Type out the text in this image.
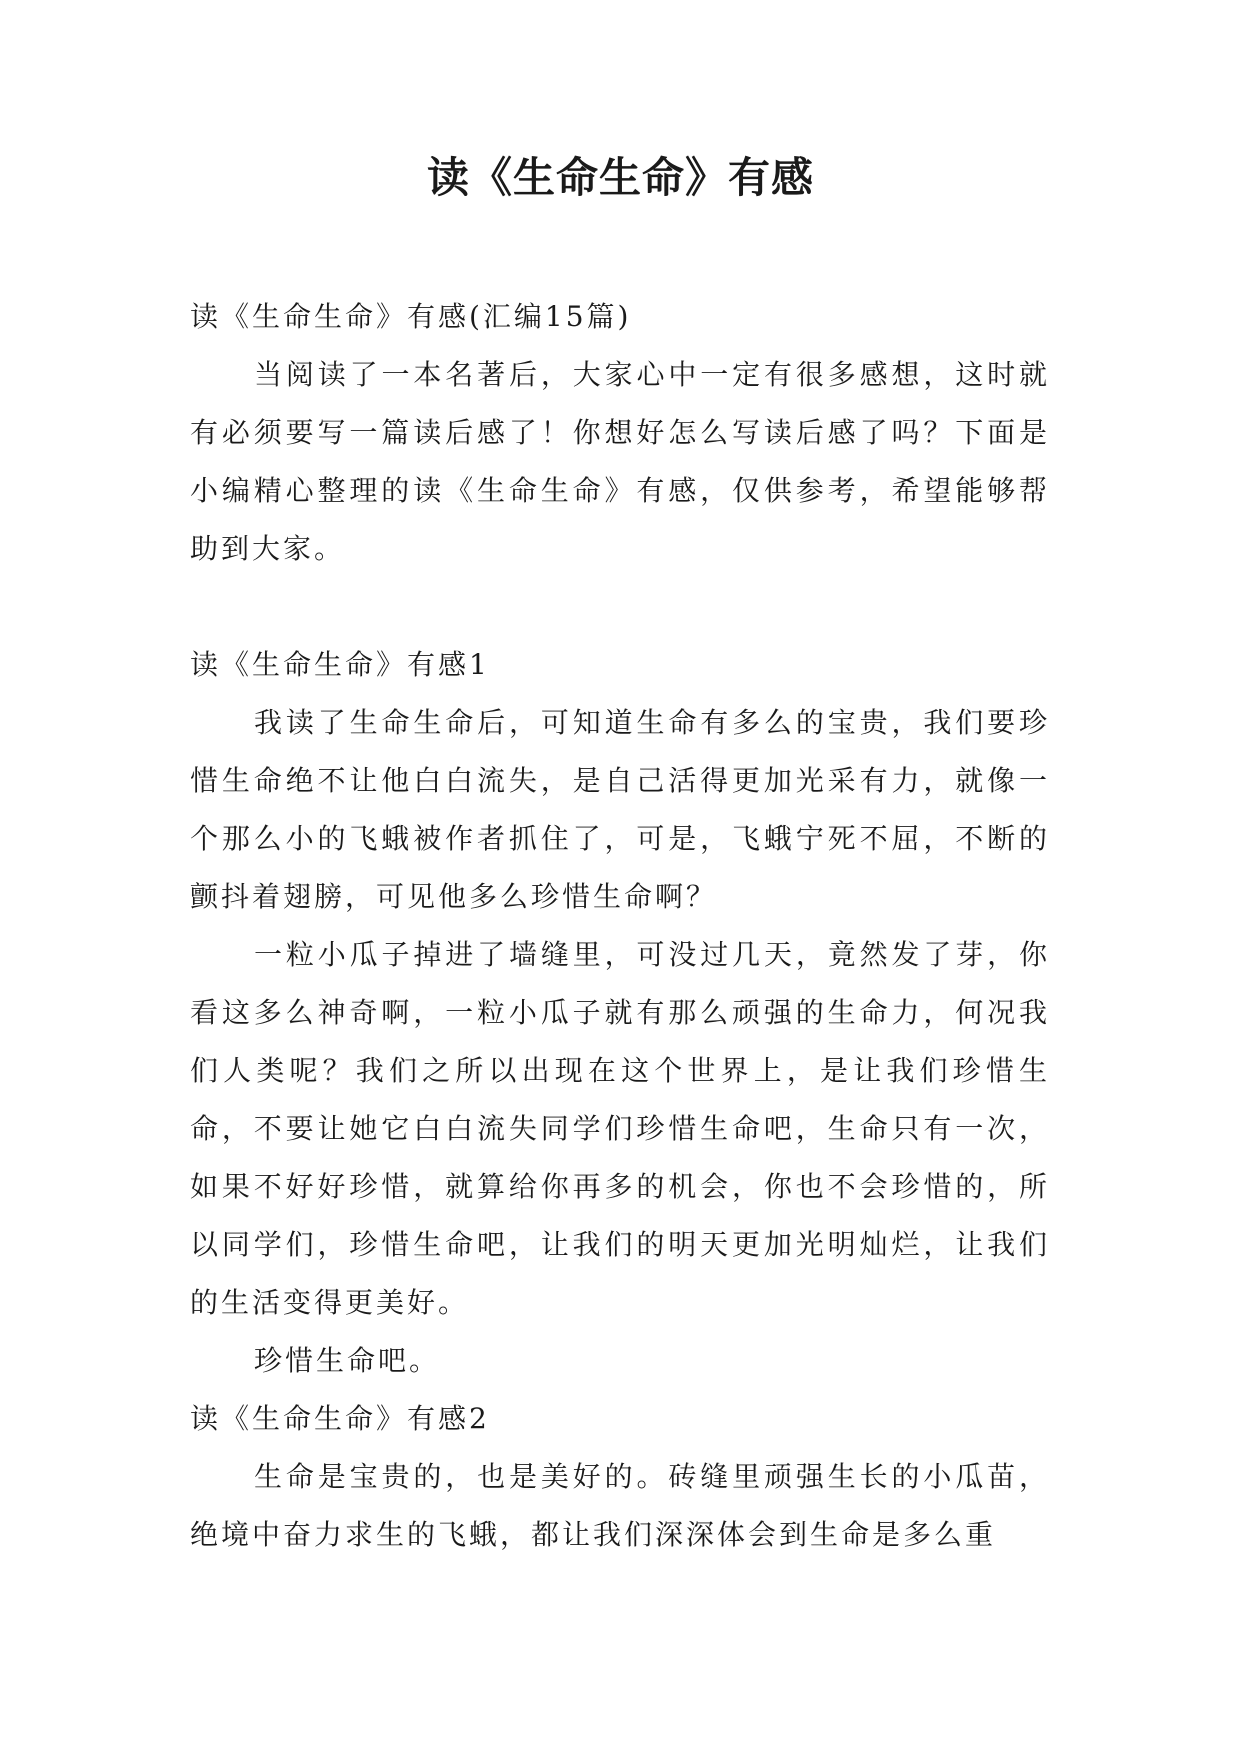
读《生命生命》有感

读《生命生命》有感(汇编15篇)

当阅读了一本名著后，大家心中一定有很多感想，这时就有必须要写一篇读后感了！你想好怎么写读后感了吗？下面是小编精心整理的读《生命生命》有感，仅供参考，希望能够帮助到大家。

读《生命生命》有感1

我读了生命生命后，可知道生命有多么的宝贵，我们要珍惜生命绝不让他白白流失，是自己活得更加光采有力，就像一个那么小的飞蛾被作者抓住了，可是，飞蛾宁死不屈，不断的颤抖着翅膀，可见他多么珍惜生命啊？

一粒小瓜子掉进了墙缝里，可没过几天，竟然发了芽，你看这多么神奇啊，一粒小瓜子就有那么顽强的生命力，何况我们人类呢？我们之所以出现在这个世界上，是让我们珍惜生命，不要让她它白白流失同学们珍惜生命吧，生命只有一次，如果不好好珍惜，就算给你再多的机会，你也不会珍惜的，所以同学们，珍惜生命吧，让我们的明天更加光明灿烂，让我们的生活变得更美好。

珍惜生命吧。

读《生命生命》有感2

生命是宝贵的，也是美好的。砖缝里顽强生长的小瓜苗，绝境中奋力求生的飞蛾，都让我们深深体会到生命是多么重
